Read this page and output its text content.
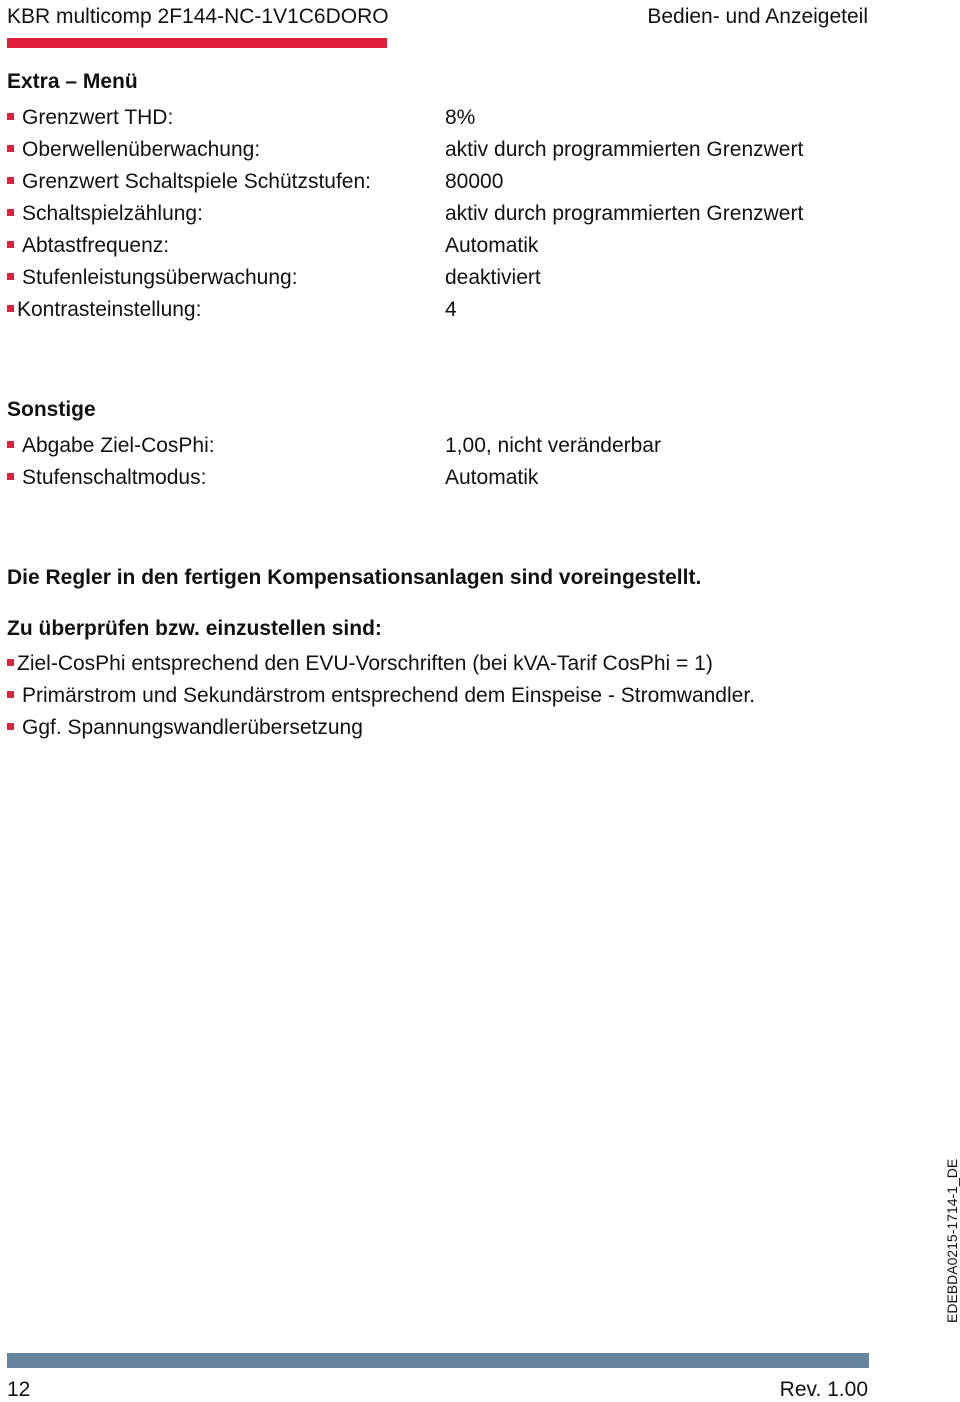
KBR multicomp 2F144-NC-1V1C6DORO	Bedien- und Anzeigeteil
Extra – Menü
Grenzwert THD:	8%
Oberwellenüberwachung:	aktiv durch programmierten Grenzwert
Grenzwert Schaltspiele Schützstufen:	80000
Schaltspielzählung:	aktiv durch programmierten Grenzwert
Abtastfrequenz:	Automatik
Stufenleistungsüberwachung:	deaktiviert
Kontrasteinstellung:	4
Sonstige
Abgabe Ziel-CosPhi:	1,00, nicht veränderbar
Stufenschaltmodus:	Automatik
Die Regler in den fertigen Kompensationsanlagen sind voreingestellt.
Zu überprüfen bzw. einzustellen sind:
Ziel-CosPhi entsprechend den EVU-Vorschriften (bei kVA-Tarif CosPhi = 1)
Primärstrom und Sekundärstrom entsprechend dem Einspeise - Stromwandler.
Ggf. Spannungswandlerübersetzung
EDEBDA0215-1714-1_DE
12	Rev. 1.00
